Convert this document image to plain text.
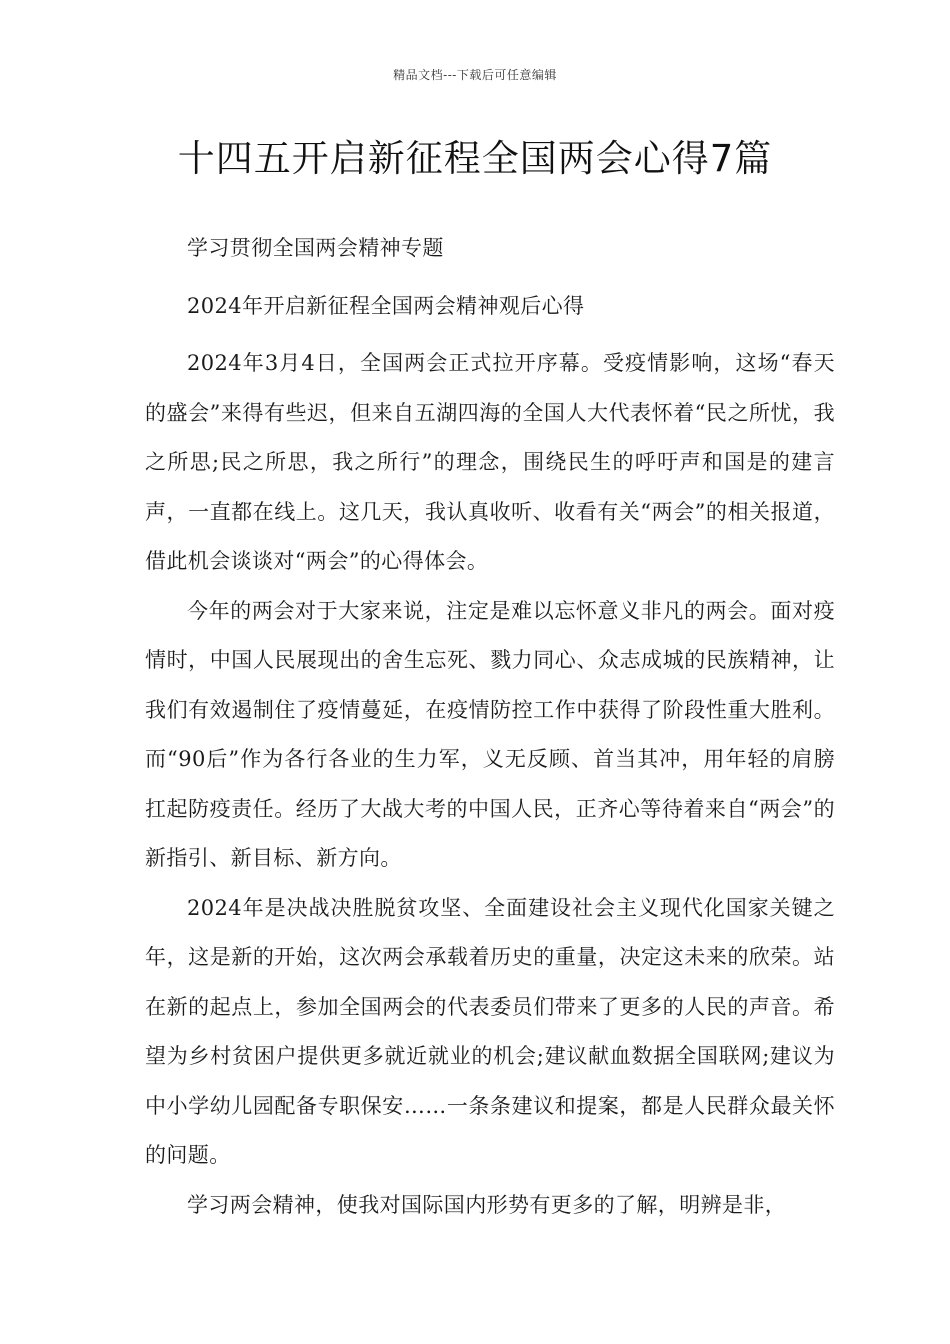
精品文档---下载后可任意编辑
十四五开启新征程全国两会心得7篇

学习贯彻全国两会精神专题

2024年开启新征程全国两会精神观后心得

2024年3月4日，全国两会正式拉开序幕。受疫情影响，这场“春天的盛会”来得有些迟，但来自五湖四海的全国人大代表怀着“民之所忧，我之所思;民之所思，我之所行”的理念，围绕民生的呼吁声和国是的建言声，一直都在线上。这几天，我认真收听、收看有关“两会”的相关报道，借此机会谈谈对“两会”的心得体会。

今年的两会对于大家来说，注定是难以忘怀意义非凡的两会。面对疫情时，中国人民展现出的舍生忘死、戮力同心、众志成城的民族精神，让我们有效遏制住了疫情蔓延，在疫情防控工作中获得了阶段性重大胜利。而“90后”作为各行各业的生力军，义无反顾、首当其冲，用年轻的肩膀扛起防疫责任。经历了大战大考的中国人民，正齐心等待着来自“两会”的新指引、新目标、新方向。

2024年是决战决胜脱贫攻坚、全面建设社会主义现代化国家关键之年，这是新的开始，这次两会承载着历史的重量，决定这未来的欣荣。站在新的起点上，参加全国两会的代表委员们带来了更多的人民的声音。希望为乡村贫困户提供更多就近就业的机会;建议献血数据全国联网;建议为中小学幼儿园配备专职保安……一条条建议和提案，都是人民群众最关怀的问题。

学习两会精神，使我对国际国内形势有更多的了解，明辨是非，
